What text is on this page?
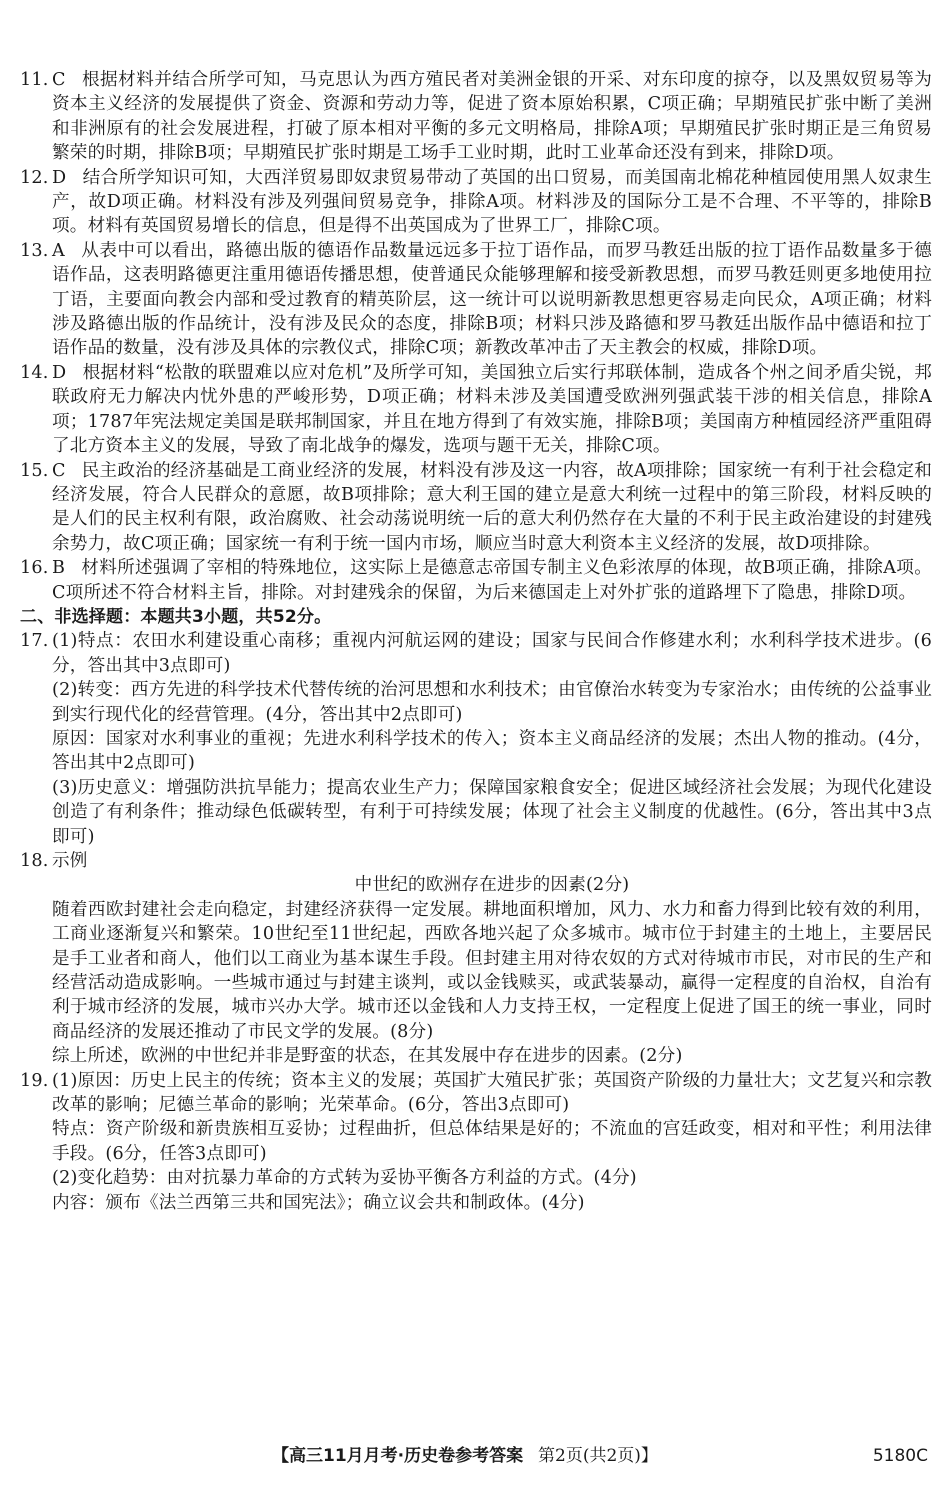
11. C 根据材料并结合所学可知，马克思认为西方殖民者对美洲金银的开采、对东印度的掠夺，以及黑奴贸易等为资本主义经济的发展提供了资金、资源和劳动力等，促进了资本原始积累，C项正确；早期殖民扩张中断了美洲和非洲原有的社会发展进程，打破了原本相对平衡的多元文明格局，排除A项；早期殖民扩张时期正是三角贸易繁荣的时期，排除B项；早期殖民扩张时期是工场手工业时期，此时工业革命还没有到来，排除D项。
12. D 结合所学知识可知，大西洋贸易即奴隶贸易带动了英国的出口贸易，而美国南北棉花种植园使用黑人奴隶生产，故D项正确。材料没有涉及列强间贸易竞争，排除A项。材料涉及的国际分工是不合理、不平等的，排除B项。材料有英国贸易增长的信息，但是得不出英国成为了世界工厂，排除C项。
13. A 从表中可以看出，路德出版的德语作品数量远远多于拉丁语作品，而罗马教廷出版的拉丁语作品数量多于德语作品，这表明路德更注重用德语传播思想，使普通民众能够理解和接受新教思想，而罗马教廷则更多地使用拉丁语，主要面向教会内部和受过教育的精英阶层，这一统计可以说明新教思想更容易走向民众，A项正确；材料涉及路德出版的作品统计，没有涉及民众的态度，排除B项；材料只涉及路德和罗马教廷出版作品中德语和拉丁语作品的数量，没有涉及具体的宗教仪式，排除C项；新教改革冲击了天主教会的权威，排除D项。
14. D 根据材料“松散的联盟难以应对危机”及所学可知，美国独立后实行邦联体制，造成各个州之间矛盾尖锐，邦联政府无力解决内忧外患的严峻形势，D项正确；材料未涉及美国遭受欧洲列强武装干涉的相关信息，排除A项；1787年宪法规定美国是联邦制国家，并且在地方得到了有效实施，排除B项；美国南方种植园经济严重阻碍了北方资本主义的发展，导致了南北战争的爆发，选项与题干无关，排除C项。
15. C 民主政治的经济基础是工商业经济的发展，材料没有涉及这一内容，故A项排除；国家统一有利于社会稳定和经济发展，符合人民群众的意愿，故B项排除；意大利王国的建立是意大利统一过程中的第三阶段，材料反映的是人们的民主权利有限，政治腐败、社会动荡说明统一后的意大利仍然存在大量的不利于民主政治建设的封建残余势力，故C项正确；国家统一有利于统一国内市场，顺应当时意大利资本主义经济的发展，故D项排除。
16. B 材料所述强调了宰相的特殊地位，这实际上是德意志帝国专制主义色彩浓厚的体现，故B项正确，排除A项。C项所述不符合材料主旨，排除。对封建残余的保留，为后来德国走上对外扩张的道路埋下了隐患，排除D项。
二、非选择题：本题共3小题，共52分。
17. (1)特点：农田水利建设重心南移；重视内河航运网的建设；国家与民间合作修建水利；水利科学技术进步。(6分，答出其中3点即可)
(2)转变：西方先进的科学技术代替传统的治河思想和水利技术；由官僚治水转变为专家治水；由传统的公益事业到实行现代化的经营管理。(4分，答出其中2点即可)
原因：国家对水利事业的重视；先进水利科学技术的传入；资本主义商品经济的发展；杰出人物的推动。(4分，答出其中2点即可)
(3)历史意义：增强防洪抗旱能力；提高农业生产力；保障国家粮食安全；促进区域经济社会发展；为现代化建设创造了有利条件；推动绿色低碳转型，有利于可持续发展；体现了社会主义制度的优越性。(6分，答出其中3点即可)
18. 示例
中世纪的欧洲存在进步的因素(2分)
随着西欧封建社会走向稳定，封建经济获得一定发展。耕地面积增加，风力、水力和畜力得到比较有效的利用，工商业逐渐复兴和繁荣。10世纪至11世纪起，西欧各地兴起了众多城市。城市位于封建主的土地上，主要居民是手工业者和商人，他们以工商业为基本谋生手段。但封建主用对待农奴的方式对待城市市民，对市民的生产和经营活动造成影响。一些城市通过与封建主谈判，或以金钱赎买，或武装暴动，赢得一定程度的自治权，自治有利于城市经济的发展，城市兴办大学。城市还以金钱和人力支持王权，一定程度上促进了国王的统一事业，同时商品经济的发展还推动了市民文学的发展。(8分)
综上所述，欧洲的中世纪并非是野蛮的状态，在其发展中存在进步的因素。(2分)
19. (1)原因：历史上民主的传统；资本主义的发展；英国扩大殖民扩张；英国资产阶级的力量壮大；文艺复兴和宗教改革的影响；尼德兰革命的影响；光荣革命。(6分，答出3点即可)
特点：资产阶级和新贵族相互妥协；过程曲折，但总体结果是好的；不流血的宫廷政变，相对和平性；利用法律手段。(6分，任答3点即可)
(2)变化趋势：由对抗暴力革命的方式转为妥协平衡各方利益的方式。(4分)
内容：颁布《法兰西第三共和国宪法》；确立议会共和制政体。(4分)
【高三11月月考·历史卷参考答案 第2页(共2页)】	5180C
